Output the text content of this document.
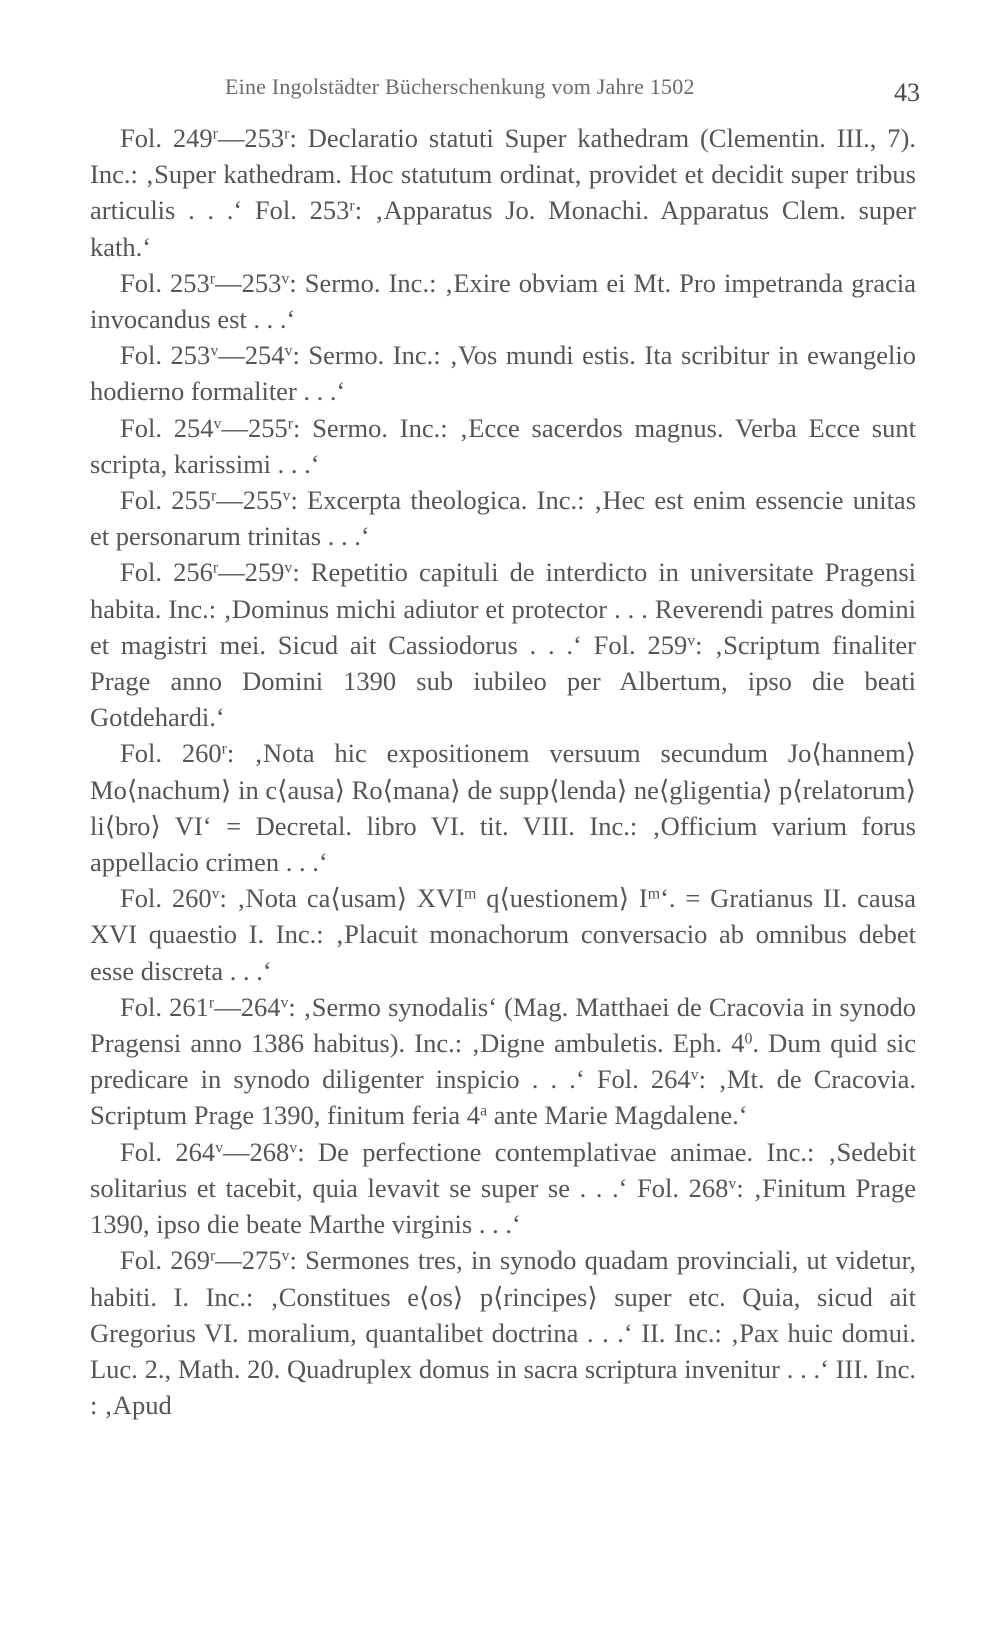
Eine Ingolstädter Bücherschenkung vom Jahre 1502	43

Fol. 249$^r$—253$^r$: Declaratio statuti Super kathedram (Clementin. III., 7). Inc.: ‚Super kathedram. Hoc statutum ordinat, providet et decidit super tribus articulis . . .‘ Fol. 253$^r$: ‚Apparatus Jo. Monachi. Apparatus Clem. super kath.‘

Fol. 253$^r$—253$^v$: Sermo. Inc.: ‚Exire obviam ei Mt. Pro impetranda gracia invocandus est . . .‘

Fol. 253$^v$—254$^v$: Sermo. Inc.: ‚Vos mundi estis. Ita scribitur in ewangelio hodierno formaliter . . .‘

Fol. 254$^v$—255$^r$: Sermo. Inc.: ‚Ecce sacerdos magnus. Verba Ecce sunt scripta, karissimi . . .‘

Fol. 255$^r$—255$^v$: Excerpta theologica. Inc.: ‚Hec est enim essencie unitas et personarum trinitas . . .‘

Fol. 256$^r$—259$^v$: Repetitio capituli de interdicto in universitate Pragensi habita. Inc.: ‚Dominus michi adiutor et protector . . . Reverendi patres domini et magistri mei. Sicud ait Cassiodorus . . .‘ Fol. 259$^v$: ‚Scriptum finaliter Prage anno Domini 1390 sub iubileo per Albertum, ipso die beati Gotdehardi.‘

Fol. 260$^r$: ‚Nota hic expositionem versuum secundum Jo⟨hannem⟩ Mo⟨nachum⟩ in c⟨ausa⟩ Ro⟨mana⟩ de supp⟨lenda⟩ ne⟨gligentia⟩ p⟨relatorum⟩ li⟨bro⟩ VI‘ = Decretal. libro VI. tit. VIII. Inc.: ‚Officium varium forus appellacio crimen . . .‘

Fol. 260$^v$: ‚Nota ca⟨usam⟩ XVI$^m$ q⟨uestionem⟩ $I^m‘$. = Gratianus II. causa XVI quaestio I. Inc.: ‚Placuit monachorum conversacio ab omnibus debet esse discreta . . .‘

Fol. 261$^r$—264$^v$: ‚Sermo synodalis‘ (Mag. Matthaei de Cracovia in synodo Pragensi anno 1386 habitus). Inc.: ‚Digne ambuletis. Eph. $4^0$. Dum quid sic predicare in synodo diligenter inspicio . . .‘ Fol. 264$^v$: ‚Mt. de Cracovia. Scriptum Prage 1390, finitum feria 4$^a$ ante Marie Magdalene.‘

Fol. 264$^v$—268$^v$: De perfectione contemplativae animae. Inc.: ‚Sedebit solitarius et tacebit, quia levavit se super se . . .‘ Fol. 268$^v$: ‚Finitum Prage 1390, ipso die beate Marthe virginis . . .‘

Fol. 269$^r$—275$^v$: Sermones tres, in synodo quadam provinciali, ut videtur, habiti. I. Inc.: ‚Constitues e⟨os⟩ p⟨rincipes⟩ super etc. Quia, sicud ait Gregorius VI. moralium, quantalibet doctrina . . .‘ II. Inc.: ‚Pax huic domui. Luc. 2., Math. 20. Quadruplex domus in sacra scriptura invenitur . . .‘ III. Inc. : ‚Apud
